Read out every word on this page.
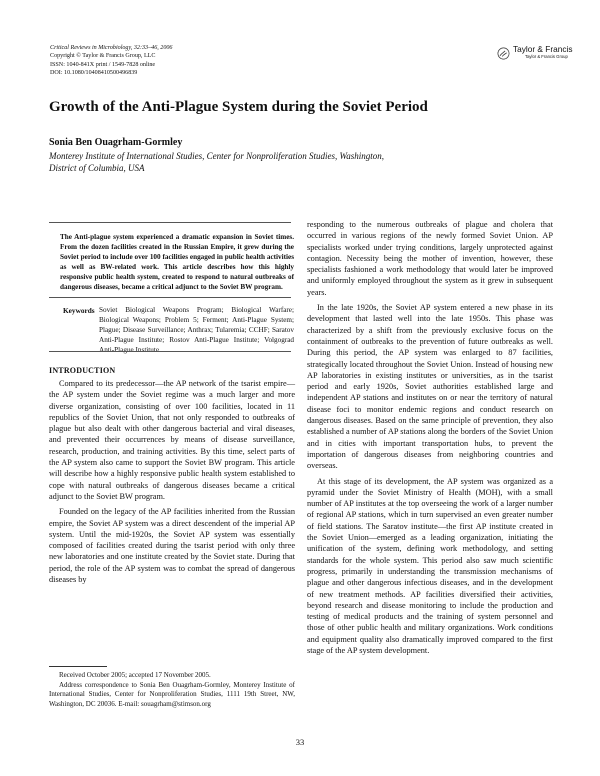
Critical Reviews in Microbiology, 32:33–46, 2006
Copyright © Taylor & Francis Group, LLC
ISSN: 1040-841X print / 1549-7828 online
DOI: 10.1080/10408410500496839
Taylor & Francis
Taylor & Francis Group
Growth of the Anti-Plague System during the Soviet Period
Sonia Ben Ouagrham-Gormley
Monterey Institute of International Studies, Center for Nonproliferation Studies, Washington, District of Columbia, USA

The Anti-plague system experienced a dramatic expansion in Soviet times. From the dozen facilities created in the Russian Empire, it grew during the Soviet period to include over 100 facilities engaged in public health activities as well as BW-related work. This article describes how this highly responsive public health system, created to respond to natural outbreaks of dangerous diseases, became a critical adjunct to the Soviet BW program.

Keywords Soviet Biological Weapons Program; Biological Warfare; Biological Weapons; Problem 5; Ferment; Anti-Plague System; Plague; Disease Surveillance; Anthrax; Tularemia; CCHF; Saratov Anti-Plague Institute; Rostov Anti-Plague Institute; Volgograd Anti-Plague Institute

INTRODUCTION

Compared to its predecessor—the AP network of the tsarist empire—the AP system under the Soviet regime was a much larger and more diverse organization, consisting of over 100 facilities, located in 11 republics of the Soviet Union, that not only responded to outbreaks of plague but also dealt with other dangerous bacterial and viral diseases, and prevented their occurrences by means of disease surveillance, research, production, and training activities. By this time, select parts of the AP system also came to support the Soviet BW program. This article will describe how a highly responsive public health system established to cope with natural outbreaks of dangerous diseases became a critical adjunct to the Soviet BW program.

Founded on the legacy of the AP facilities inherited from the Russian empire, the Soviet AP system was a direct descendent of the imperial AP system. Until the mid-1920s, the Soviet AP system was essentially composed of facilities created during the tsarist period with only three new laboratories and one institute created by the Soviet state. During that period, the role of the AP system was to combat the spread of dangerous diseases by

Received October 2005; accepted 17 November 2005.

Address correspondence to Sonia Ben Ouagrham-Gormley, Monterey Institute of International Studies, Center for Nonproliferation Studies, 1111 19th Street, NW, Washington, DC 20036. E-mail: souagrham@stimson.org

responding to the numerous outbreaks of plague and cholera that occurred in various regions of the newly formed Soviet Union. AP specialists worked under trying conditions, largely unprotected against contagion. Necessity being the mother of invention, however, these specialists fashioned a work methodology that would later be improved and uniformly employed throughout the system as it grew in subsequent years.

In the late 1920s, the Soviet AP system entered a new phase in its development that lasted well into the late 1950s. This phase was characterized by a shift from the previously exclusive focus on the containment of outbreaks to the prevention of future outbreaks as well. During this period, the AP system was enlarged to 87 facilities, strategically located throughout the Soviet Union. Instead of housing new AP laboratories in existing institutes or universities, as in the tsarist period and early 1920s, Soviet authorities established large and independent AP stations and institutes on or near the territory of natural disease foci to monitor endemic regions and conduct research on dangerous diseases. Based on the same principle of prevention, they also established a number of AP stations along the borders of the Soviet Union and in cities with important transportation hubs, to prevent the importation of dangerous diseases from neighboring countries and overseas.

At this stage of its development, the AP system was organized as a pyramid under the Soviet Ministry of Health (MOH), with a small number of AP institutes at the top overseeing the work of a larger number of regional AP stations, which in turn supervised an even greater number of field stations. The Saratov institute—the first AP institute created in the Soviet Union—emerged as a leading organization, initiating the unification of the system, defining work methodology, and setting standards for the whole system. This period also saw much scientific progress, primarily in understanding the transmission mechanisms of plague and other dangerous infectious diseases, and in the development of new treatment methods. AP facilities diversified their activities, beyond research and disease monitoring to include the production and testing of medical products and the training of system personnel and those of other public health and military organizations. Work conditions and equipment quality also dramatically improved compared to the first stage of the AP system development.

33
